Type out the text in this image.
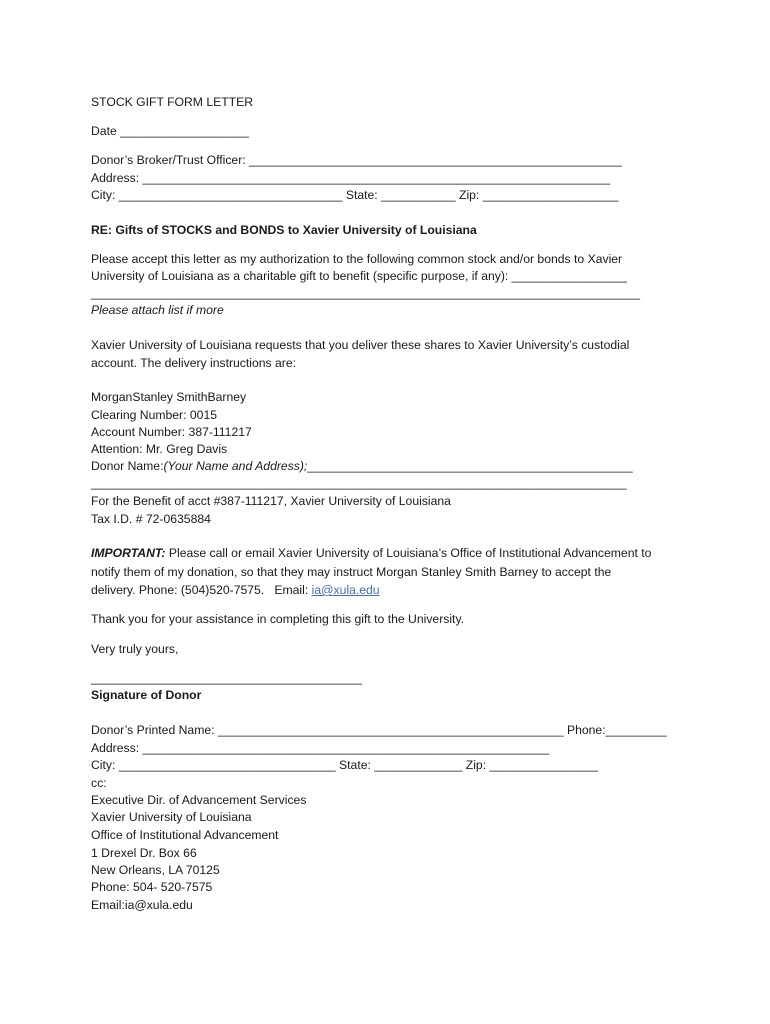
STOCK GIFT FORM LETTER
Date ___________________
Donor’s Broker/Trust Officer: _______________________________________________________
Address: _____________________________________________________________________
City: _________________________________ State: ___________ Zip: ____________________
RE: Gifts of STOCKS and BONDS to Xavier University of Louisiana
Please accept this letter as my authorization to the following common stock and/or bonds to Xavier
University of Louisiana as a charitable gift to benefit (specific purpose, if any): _________________
_________________________________________________________________________________
Please attach list if more
Xavier University of Louisiana requests that you deliver these shares to Xavier University’s custodial
account. The delivery instructions are:
MorganStanley SmithBarney
Clearing Number: 0015
Account Number: 387-111217
Attention: Mr. Greg Davis
Donor Name:(Your Name and Address);________________________________________________
_______________________________________________________________________________
For the Benefit of acct #387-111217, Xavier University of Louisiana
Tax I.D. # 72-0635884
IMPORTANT: Please call or email Xavier University of Louisiana’s Office of Institutional Advancement to
notify them of my donation, so that they may instruct Morgan Stanley Smith Barney to accept the
delivery. Phone: (504)520-7575.   Email: ia@xula.edu
Thank you for your assistance in completing this gift to the University.
Very truly yours,
________________________________________
Signature of Donor
Donor’s Printed Name: ___________________________________________________ Phone:_________
Address: ____________________________________________________________
City: ________________________________ State: _____________ Zip: ________________
cc:
Executive Dir. of Advancement Services
Xavier University of Louisiana
Office of Institutional Advancement
1 Drexel Dr. Box 66
New Orleans, LA 70125
Phone: 504- 520-7575
Email:ia@xula.edu
